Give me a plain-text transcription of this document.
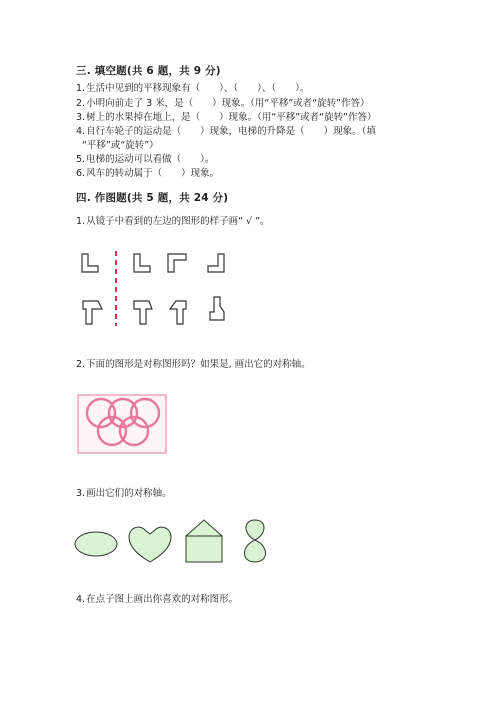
三. 填空题(共 6 题，共 9 分)
1.生活中见到的平移现象有（　　）、（　　）、（　　）。
2.小明向前走了 3 米，是（　　）现象。（用“平移”或者“旋转”作答）
3.树上的水果掉在地上，是（　　）现象。（用“平移”或者“旋转”作答）
4.自行车轮子的运动是（　　）现象，电梯的升降是（　　）现象。（填
“平移”或“旋转”）
5.电梯的运动可以看做（　　）。
6.风车的转动属于（　　）现象。
四. 作图题(共 5 题，共 24 分)
1.从镜子中看到的左边的图形的样子画“ √ ”。
2.下面的图形是对称图形吗？如果是, 画出它的对称轴。
3.画出它们的对称轴。
4.在点子图上画出你喜欢的对称图形。
